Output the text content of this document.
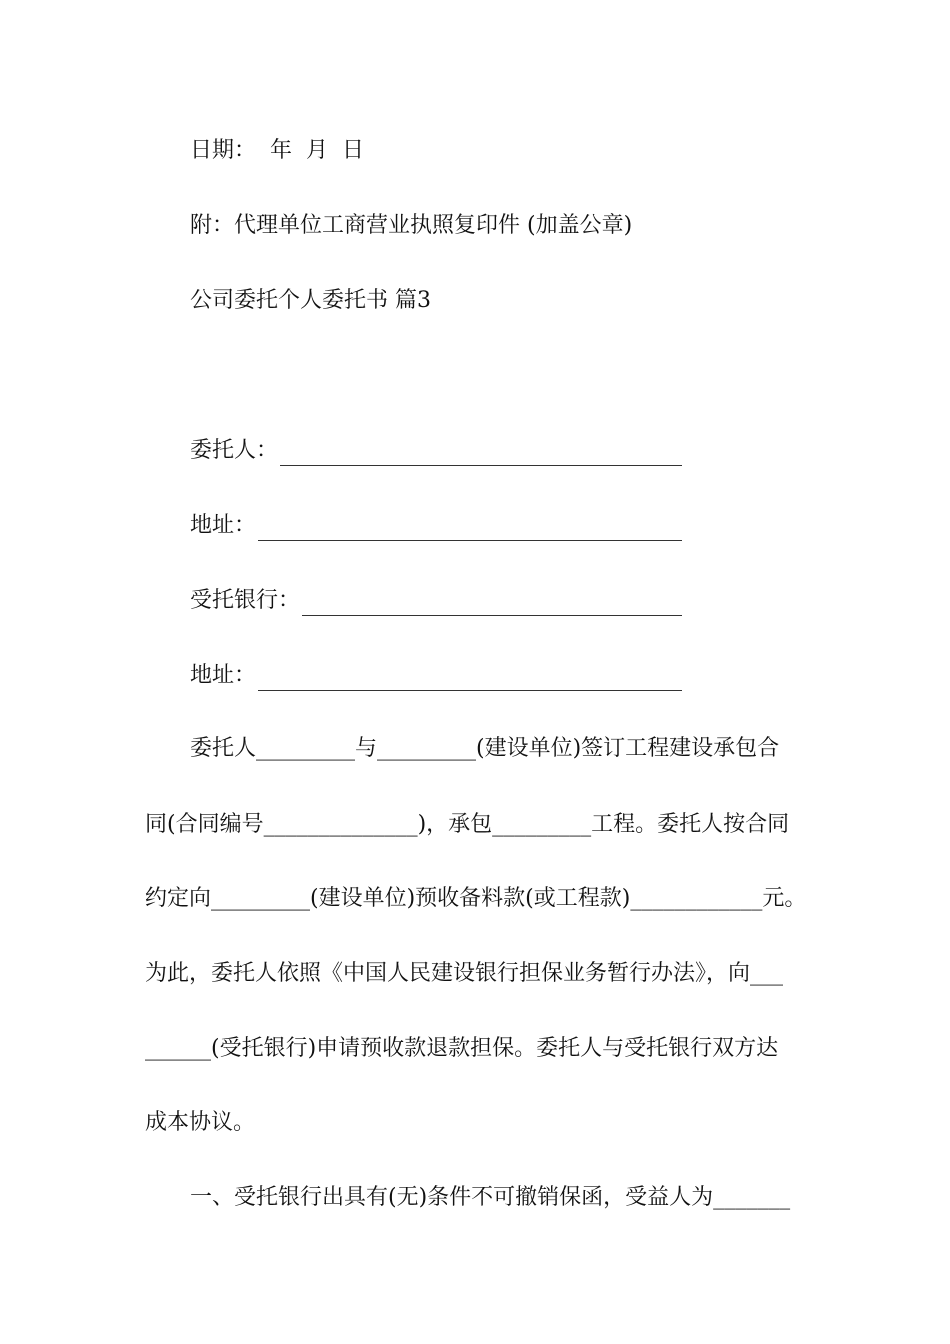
日期：  年  月  日
附：代理单位工商营业执照复印件 (加盖公章)
公司委托个人委托书 篇3
委托人：
地址：
受托银行：
地址：
委托人_________与_________(建设单位)签订工程建设承包合
同(合同编号______________)，承包_________工程。委托人按合同
约定向_________(建设单位)预收备料款(或工程款)____________元。
为此，委托人依照《中国人民建设银行担保业务暂行办法》，向___
______(受托银行)申请预收款退款担保。委托人与受托银行双方达
成本协议。
一、受托银行出具有(无)条件不可撤销保函，受益人为_______
